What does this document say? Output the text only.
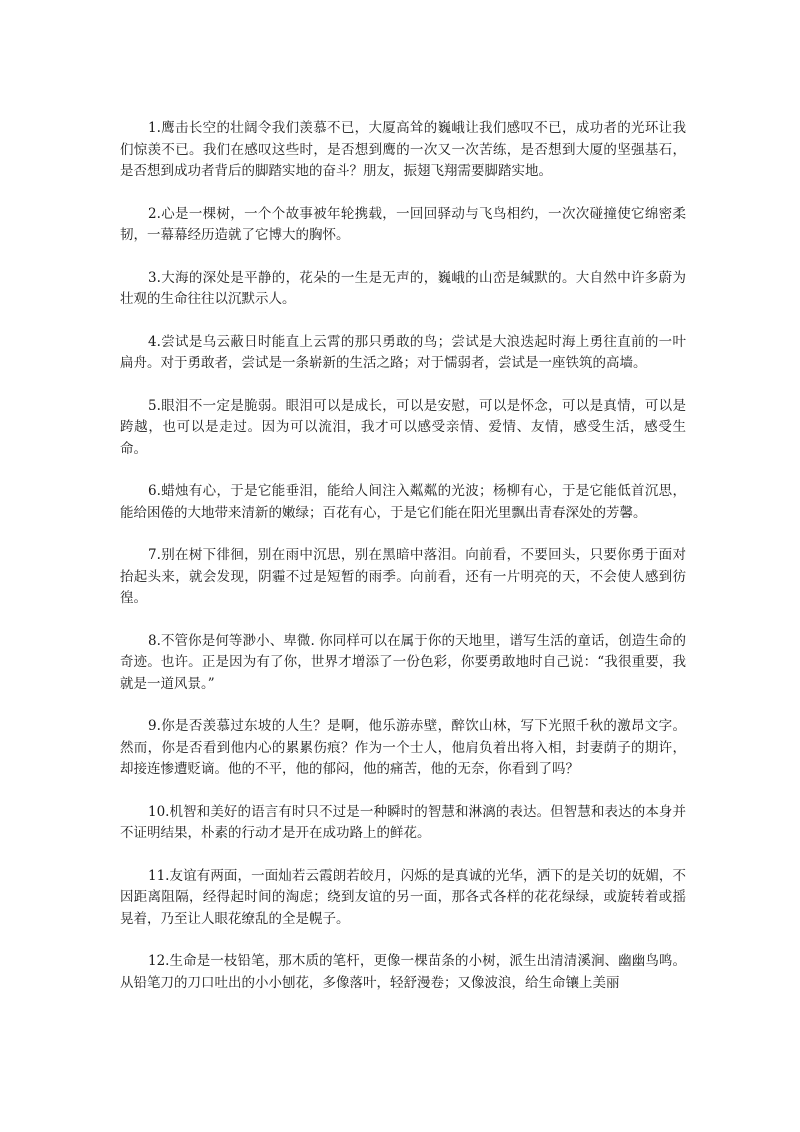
1.鹰击长空的壮阔令我们羡慕不已，大厦高耸的巍峨让我们感叹不已，成功者的光环让我们惊羡不已。我们在感叹这些时，是否想到鹰的一次又一次苦练，是否想到大厦的坚强基石，是否想到成功者背后的脚踏实地的奋斗？朋友，振翅飞翔需要脚踏实地。

2.心是一棵树，一个个故事被年轮携载，一回回驿动与飞鸟相约，一次次碰撞使它绵密柔韧，一幕幕经历造就了它博大的胸怀。

3.大海的深处是平静的，花朵的一生是无声的，巍峨的山峦是缄默的。大自然中许多蔚为壮观的生命往往以沉默示人。

4.尝试是乌云蔽日时能直上云霄的那只勇敢的鸟；尝试是大浪迭起时海上勇往直前的一叶扁舟。对于勇敢者，尝试是一条崭新的生活之路；对于懦弱者，尝试是一座铁筑的高墙。

5.眼泪不一定是脆弱。眼泪可以是成长，可以是安慰，可以是怀念，可以是真情，可以是跨越，也可以是走过。因为可以流泪，我才可以感受亲情、爱情、友情，感受生活，感受生命。

6.蜡烛有心，于是它能垂泪，能给人间注入粼粼的光波；杨柳有心，于是它能低首沉思，能给困倦的大地带来清新的嫩绿；百花有心，于是它们能在阳光里飘出青春深处的芳馨。

7.别在树下徘徊，别在雨中沉思，别在黑暗中落泪。向前看，不要回头，只要你勇于面对抬起头来，就会发现，阴霾不过是短暂的雨季。向前看，还有一片明亮的天，不会使人感到彷徨。

8.不管你是何等渺小、卑微. 你同样可以在属于你的天地里，谱写生活的童话，创造生命的奇迹。也许。正是因为有了你，世界才增添了一份色彩，你要勇敢地时自己说：“我很重要，我就是一道风景。”

9.你是否羡慕过东坡的人生？是啊，他乐游赤壁，醉饮山林，写下光照千秋的激昂文字。然而，你是否看到他内心的累累伤痕？作为一个士人，他肩负着出将入相，封妻荫子的期许，却接连惨遭贬谪。他的不平，他的郁闷，他的痛苦，他的无奈，你看到了吗？

10.机智和美好的语言有时只不过是一种瞬时的智慧和淋漓的表达。但智慧和表达的本身并不证明结果，朴素的行动才是开在成功路上的鲜花。

11.友谊有两面，一面灿若云霞朗若皎月，闪烁的是真诚的光华，洒下的是关切的妩媚，不因距离阻隔，经得起时间的淘虑；绕到友谊的另一面，那各式各样的花花绿绿，或旋转着或摇晃着，乃至让人眼花缭乱的全是幌子。

12.生命是一枝铅笔，那木质的笔杆，更像一棵苗条的小树，派生出清清溪涧、幽幽鸟鸣。从铅笔刀的刀口吐出的小小刨花，多像落叶，轻舒漫卷；又像波浪，给生命镶上美丽
